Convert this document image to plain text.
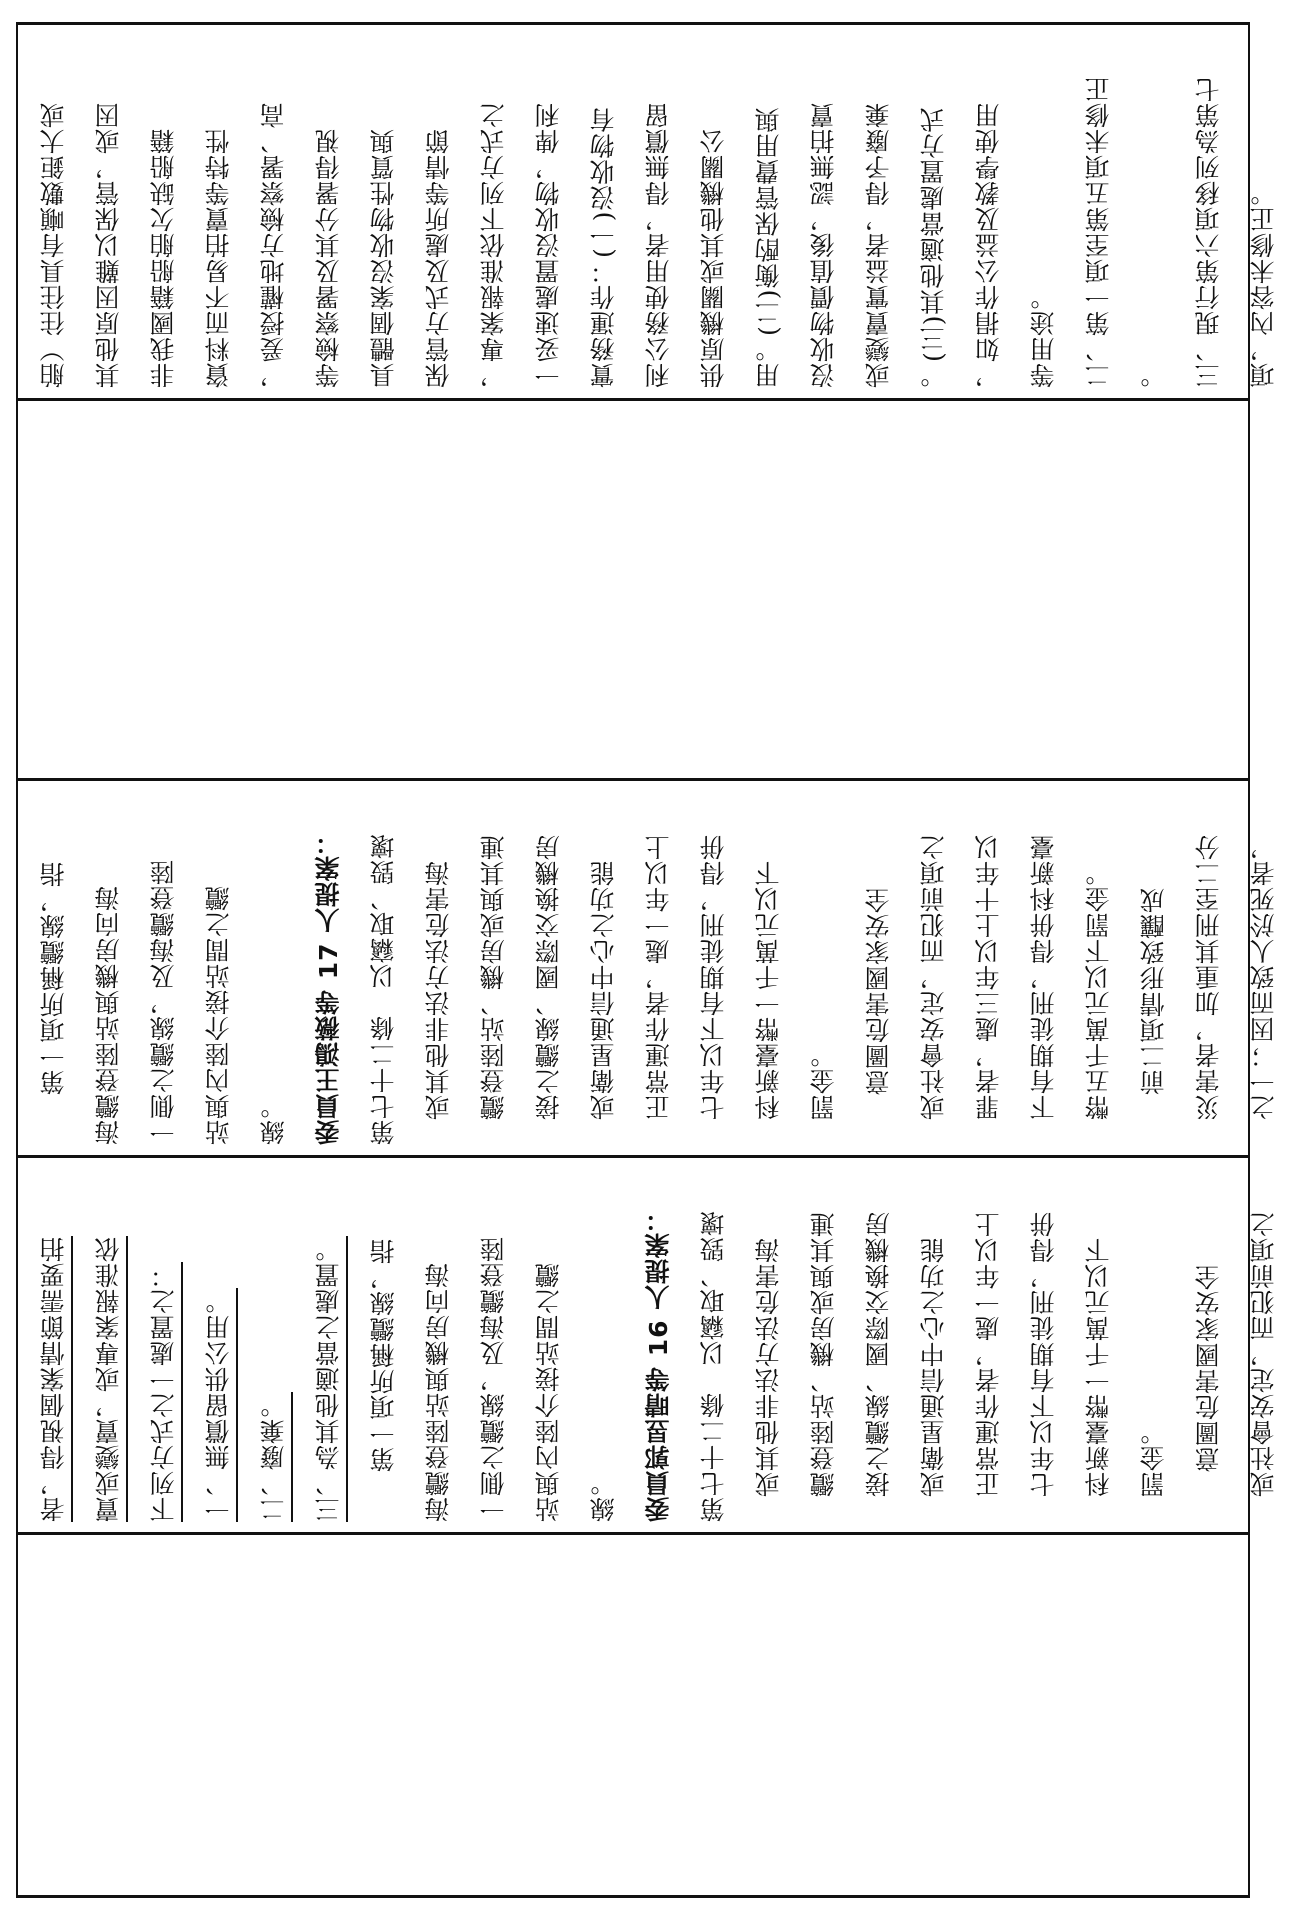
舶）往往具有噸數鉅大或	其他原因難以保管，或因	非我國籍船舶欠缺船籍	資料而不易拍賣等特性	，爰授權地方檢察署、高	等檢察署及其分署得視	具體個案沒收物性質與	保管方式及處所等情節	，專案報准依下列方式之	一妥速處置沒收物，俾利	實務運作：(一)沒收物有	利公務使用者，得無償留	供原機關或其他機關公	用。(二)衡酌保管費用與	沒收物價值後，認無拍賣	或變賣實益者，得予廢棄	。(三)其他適當處置方式	，如捐作公益及教學使用	等用途。	二、第一項至第五項未修正	。	三、現行第六項移列為第七	項，內容未修正。
第一項所稱纜線，指	海纜登陸站與機房向海	一側之纜線，及海纜登陸	站與內陸介接站間之纜	線。	委員王鴻薇等 17 人提案：	第七十二條　以竊取、毀壞	或其他非法方法危害海	纜登陸站、機房或與其連	接之纜線、國際交換機房	或衛星通信中心之功能	正常運作者，處一年以上	七年以下有期徒刑，得併	科新臺幣一千萬元以下	罰金。	意圖危害國家安全	或社會安定，而犯前項之	罪者，處三年以上十年以	下有期徒刑，得併科新臺	幣五千萬元以下罰金。	前二項情形致釀成	災害者，加重其刑至二分	之一；因而致人於死者，
者，得視個案情節需要拍	賣或變賣，或專案報准依	下列方式之一處置之：	一、無償留供公用。	二、廢棄。	三、為其他適當之處置。	第一項所稱纜線，指	海纜登陸站與機房向海	一側之纜線，及海纜登陸	站與內陸介接站間之纜	線。	委員郭昱晴等 16 人提案：	第七十二條　以竊取、毀壞	或其他非法方法危害海	纜登陸站、機房或與其連	接之纜線、國際交換機房	或衛星通信中心之功能	正常運作者，處一年以上	七年以下有期徒刑，得併	科新臺幣一千萬元以下	罰金。	意圖危害國家安全	或社會安定，而犯前項之
